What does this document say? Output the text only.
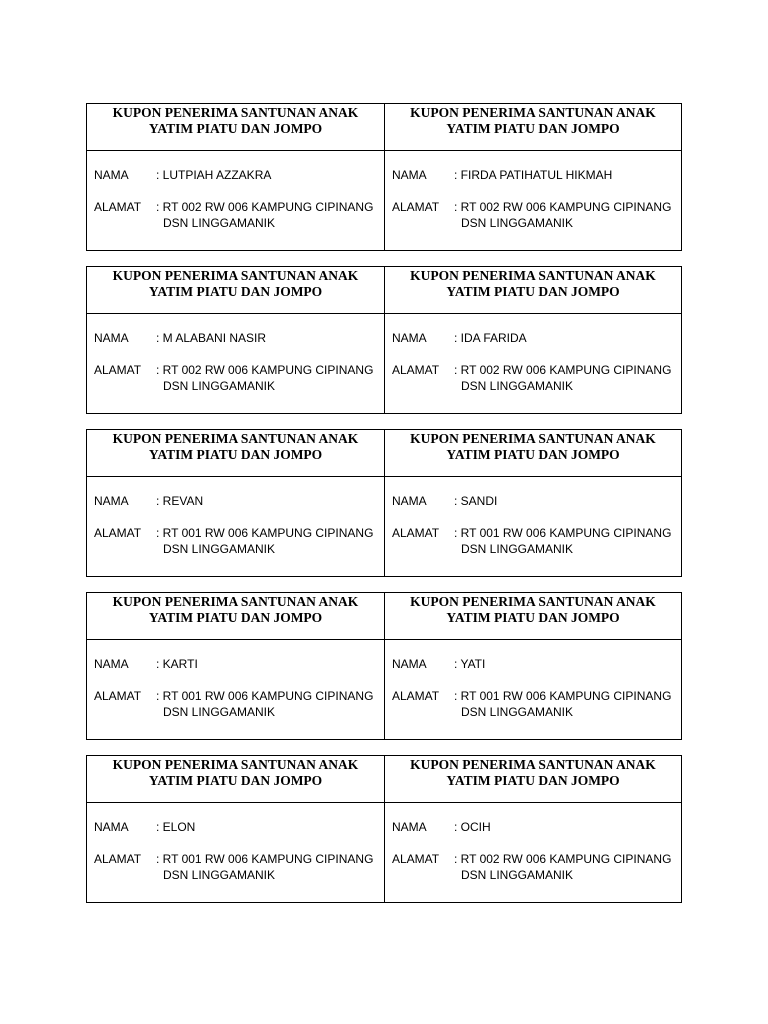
KUPON PENERIMA SANTUNAN ANAK
YATIM PIATU DAN JOMPO
NAMA	: LUTPIAH AZZAKRA
ALAMAT	: RT 002 RW 006 KAMPUNG CIPINANG
DSN LINGGAMANIK
KUPON PENERIMA SANTUNAN ANAK
YATIM PIATU DAN JOMPO
NAMA	: FIRDA PATIHATUL HIKMAH
ALAMAT	: RT 002 RW 006 KAMPUNG CIPINANG
DSN LINGGAMANIK
KUPON PENERIMA SANTUNAN ANAK
YATIM PIATU DAN JOMPO
NAMA	: M ALABANI NASIR
ALAMAT	: RT 002 RW 006 KAMPUNG CIPINANG
DSN LINGGAMANIK
KUPON PENERIMA SANTUNAN ANAK
YATIM PIATU DAN JOMPO
NAMA	: IDA FARIDA
ALAMAT	: RT 002 RW 006 KAMPUNG CIPINANG
DSN LINGGAMANIK
KUPON PENERIMA SANTUNAN ANAK
YATIM PIATU DAN JOMPO
NAMA	: REVAN
ALAMAT	: RT 001 RW 006 KAMPUNG CIPINANG
DSN LINGGAMANIK
KUPON PENERIMA SANTUNAN ANAK
YATIM PIATU DAN JOMPO
NAMA	: SANDI
ALAMAT	: RT 001 RW 006 KAMPUNG CIPINANG
DSN LINGGAMANIK
KUPON PENERIMA SANTUNAN ANAK
YATIM PIATU DAN JOMPO
NAMA	: KARTI
ALAMAT	: RT 001 RW 006 KAMPUNG CIPINANG
DSN LINGGAMANIK
KUPON PENERIMA SANTUNAN ANAK
YATIM PIATU DAN JOMPO
NAMA	: YATI
ALAMAT	: RT 001 RW 006 KAMPUNG CIPINANG
DSN LINGGAMANIK
KUPON PENERIMA SANTUNAN ANAK
YATIM PIATU DAN JOMPO
NAMA	: ELON
ALAMAT	: RT 001 RW 006 KAMPUNG CIPINANG
DSN LINGGAMANIK
KUPON PENERIMA SANTUNAN ANAK
YATIM PIATU DAN JOMPO
NAMA	: OCIH
ALAMAT	: RT 002 RW 006 KAMPUNG CIPINANG
DSN LINGGAMANIK
